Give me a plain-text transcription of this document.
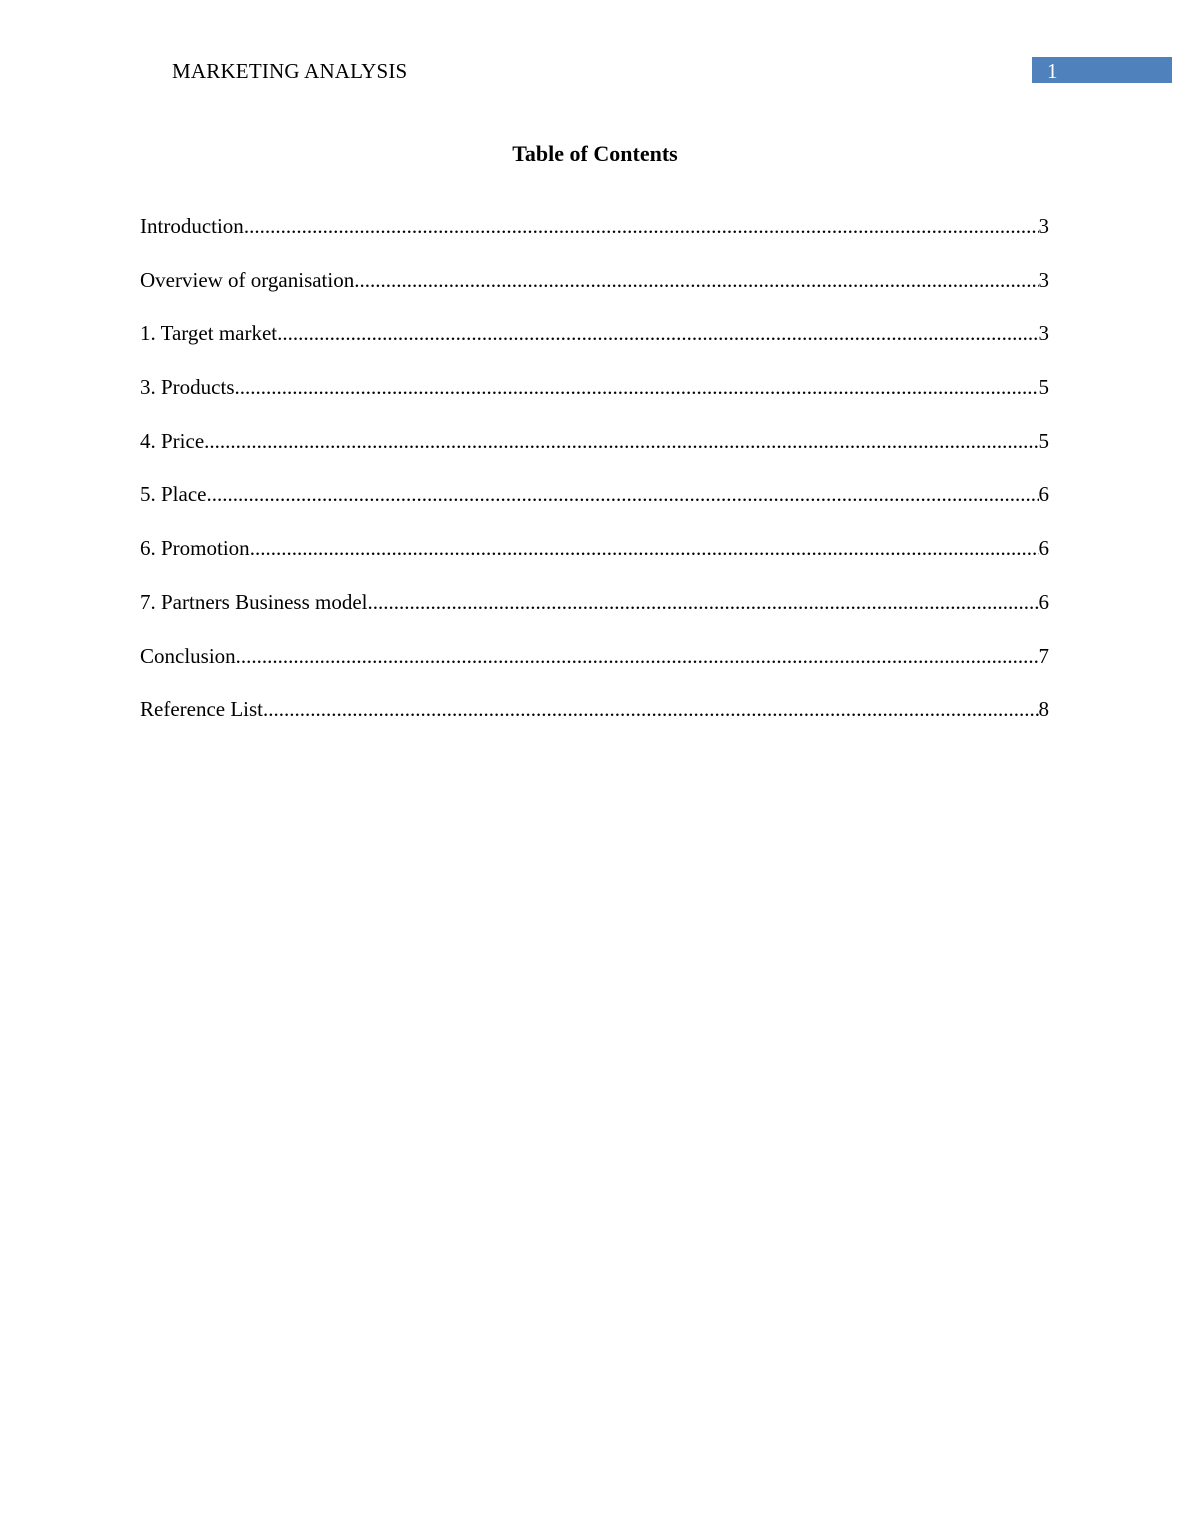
MARKETING ANALYSIS	1
Table of Contents
Introduction .....	3
Overview of organisation .....	3
1. Target market .....	3
3. Products .....	5
4. Price .....	5
5. Place .....	6
6. Promotion .....	6
7. Partners Business model .....	6
Conclusion .....	7
Reference List .....	8
